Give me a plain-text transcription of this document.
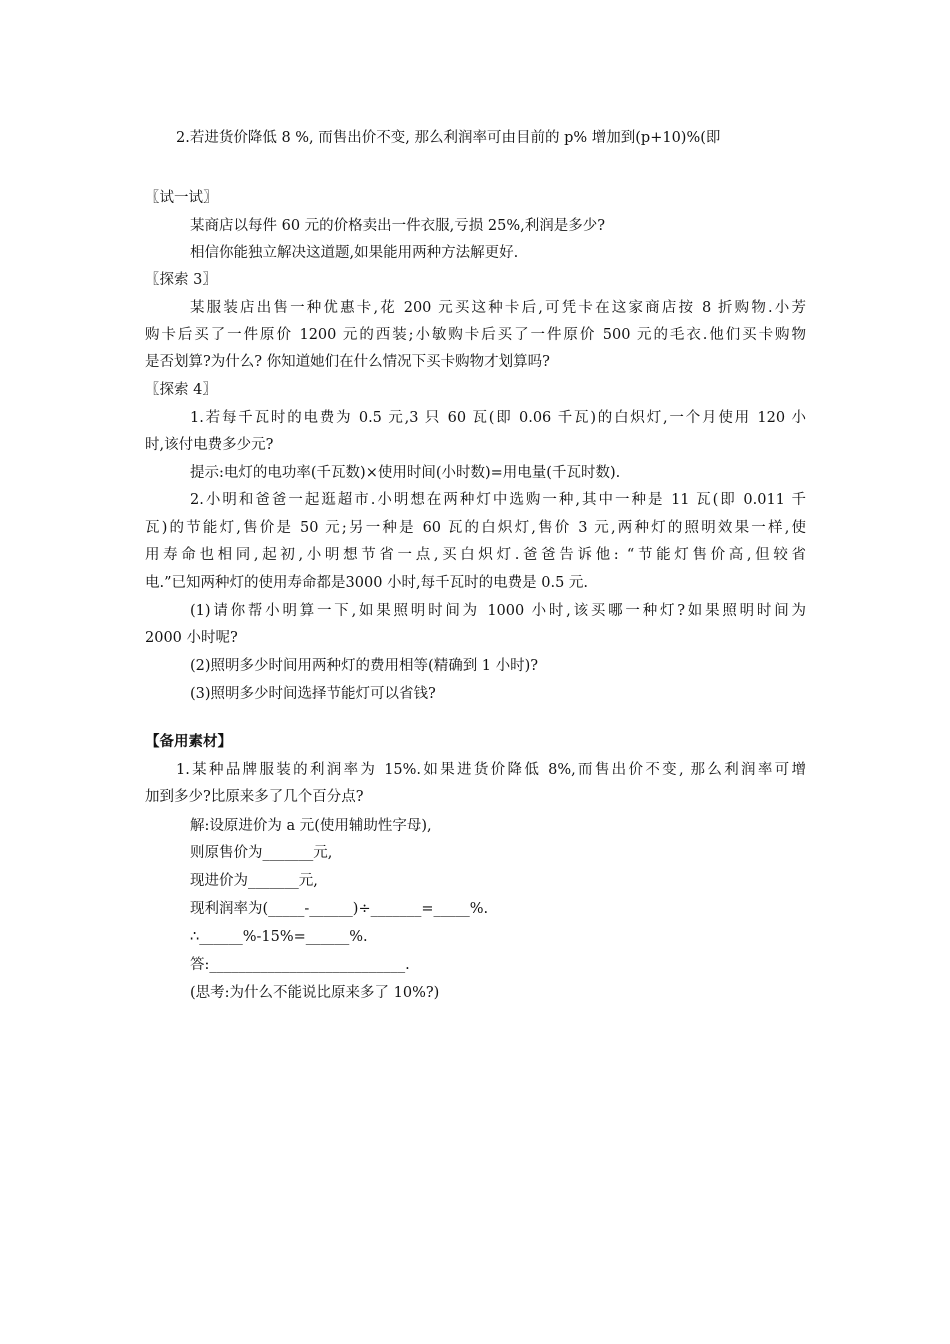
2.若进货价降低 8 %, 而售出价不变, 那么利润率可由目前的 p% 增加到(p+10)%(即
〖试一试〗
某商店以每件 60 元的价格卖出一件衣服,亏损 25%,利润是多少?
相信你能独立解决这道题,如果能用两种方法解更好.
〖探索 3〗
某服装店出售一种优惠卡,花 200 元买这种卡后,可凭卡在这家商店按 8 折购物.小芳
购卡后买了一件原价 1200 元的西装;小敏购卡后买了一件原价 500 元的毛衣.他们买卡购物
是否划算?为什么? 你知道她们在什么情况下买卡购物才划算吗?
〖探索 4〗
1.若每千瓦时的电费为 0.5 元,3 只 60 瓦(即 0.06 千瓦)的白炽灯,一个月使用 120 小
时,该付电费多少元?
提示:电灯的电功率(千瓦数)×使用时间(小时数)=用电量(千瓦时数).
2.小明和爸爸一起逛超市.小明想在两种灯中选购一种,其中一种是 11 瓦(即 0.011 千
瓦)的节能灯,售价是 50 元;另一种是 60 瓦的白炽灯,售价 3 元,两种灯的照明效果一样,使
用寿命也相同,起初,小明想节省一点,买白炽灯.爸爸告诉他: “节能灯售价高,但较省
电.”已知两种灯的使用寿命都是3000 小时,每千瓦时的电费是 0.5 元.
(1)请你帮小明算一下,如果照明时间为 1000 小时,该买哪一种灯?如果照明时间为
2000 小时呢?
(2)照明多少时间用两种灯的费用相等(精确到 1 小时)?
(3)照明多少时间选择节能灯可以省钱?
【备用素材】
1.某种品牌服装的利润率为 15%.如果进货价降低 8%,而售出价不变, 那么利润率可增
加到多少?比原来多了几个百分点?
解:设原进价为 a 元(使用辅助性字母),
则原售价为_______元,
现进价为_______元,
现利润率为(_____-______)÷_______=_____%.
∴______%-15%=______%.
答:___________________________.
(思考:为什么不能说比原来多了 10%?)
